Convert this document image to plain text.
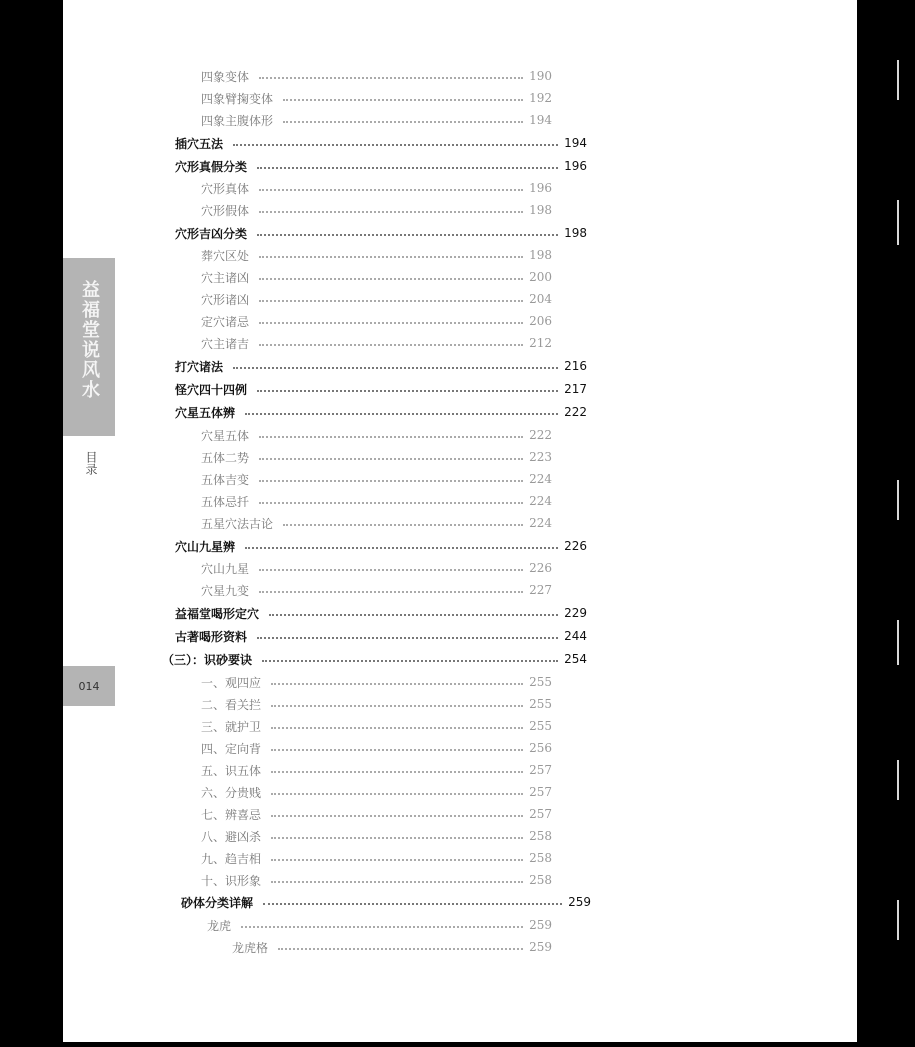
益福堂说风水
目录
014
四象变体	190
四象臂掬变体	192
四象主腹体形	194
插穴五法	194
穴形真假分类	196
穴形真体	196
穴形假体	198
穴形吉凶分类	198
葬穴区处	198
穴主诸凶	200
穴形诸凶	204
定穴诸忌	206
穴主诸吉	212
打穴诸法	216
怪穴四十四例	217
穴星五体辨	222
穴星五体	222
五体二势	223
五体吉变	224
五体忌扦	224
五星穴法古论	224
穴山九星辨	226
穴山九星	226
穴星九变	227
益福堂喝形定穴	229
古著喝形资料	244
（三）：识砂要诀	254
一、观四应	255
二、看关拦	255
三、就护卫	255
四、定向背	256
五、识五体	257
六、分贵贱	257
七、辨喜忌	257
八、避凶杀	258
九、趋吉相	258
十、识形象	258
砂体分类详解	259
龙虎	259
龙虎格	259
